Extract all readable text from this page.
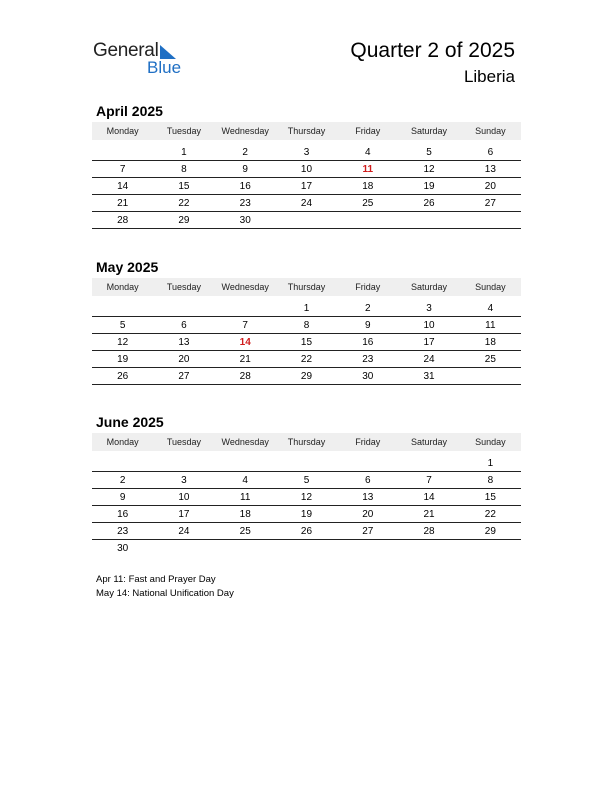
General
Blue
Quarter 2 of 2025
Liberia
April 2025
Monday	Tuesday	Wednesday	Thursday	Friday	Saturday	Sunday

	1	2	3	4	5	6
7	8	9	10	11	12	13
14	15	16	17	18	19	20
21	22	23	24	25	26	27
28	29	30				
May 2025
Monday	Tuesday	Wednesday	Thursday	Friday	Saturday	Sunday

			1	2	3	4
5	6	7	8	9	10	11
12	13	14	15	16	17	18
19	20	21	22	23	24	25
26	27	28	29	30	31	
June 2025
Monday	Tuesday	Wednesday	Thursday	Friday	Saturday	Sunday

						1
2	3	4	5	6	7	8
9	10	11	12	13	14	15
16	17	18	19	20	21	22
23	24	25	26	27	28	29
30						
Apr 11: Fast and Prayer Day
May 14: National Unification Day
